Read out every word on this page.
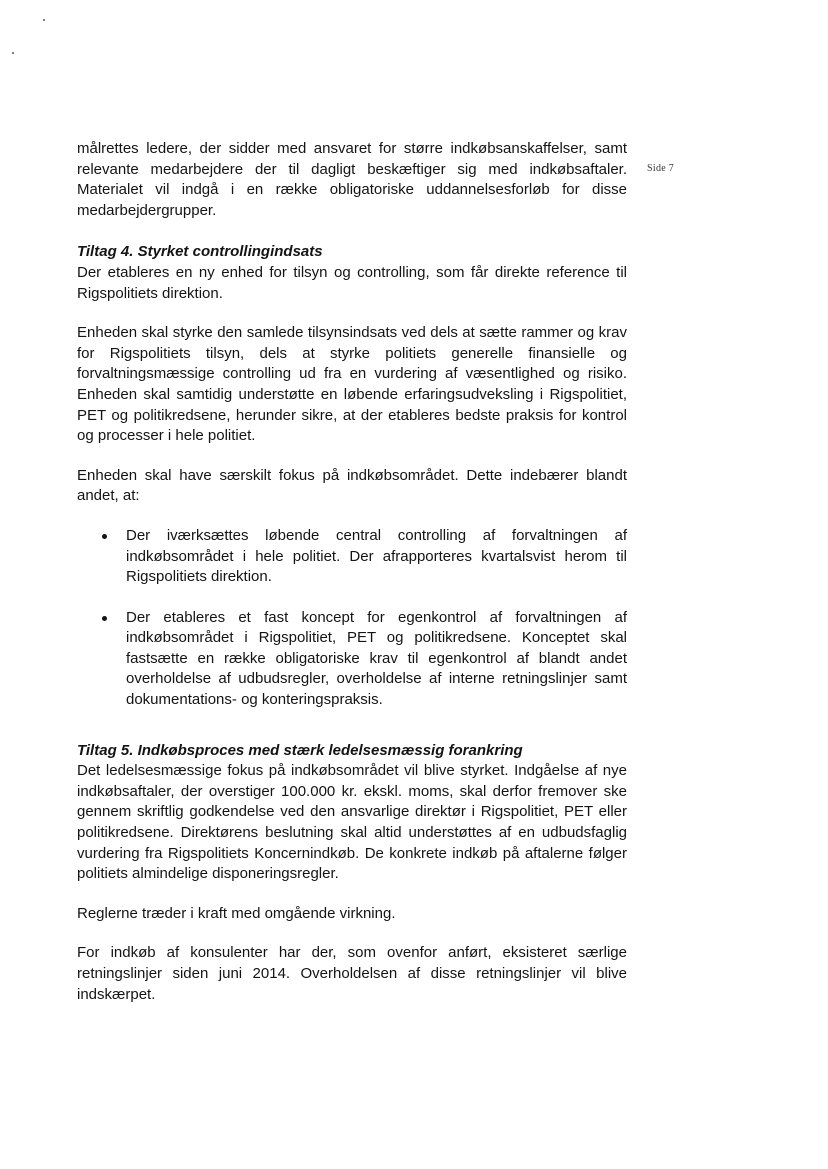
Side 7

målrettes ledere, der sidder med ansvaret for større indkøbsanskaffelser, samt relevante medarbejdere der til dagligt beskæftiger sig med indkøbsaftaler. Materialet vil indgå i en række obligatoriske uddannelsesforløb for disse medarbejdergrupper.

Tiltag 4. Styrket controllingindsats

Der etableres en ny enhed for tilsyn og controlling, som får direkte reference til Rigspolitiets direktion.

Enheden skal styrke den samlede tilsynsindsats ved dels at sætte rammer og krav for Rigspolitiets tilsyn, dels at styrke politiets generelle finansielle og forvaltningsmæssige controlling ud fra en vurdering af væsentlighed og risiko. Enheden skal samtidig understøtte en løbende erfaringsudveksling i Rigspolitiet, PET og politikredsene, herunder sikre, at der etableres bedste praksis for kontrol og processer i hele politiet.

Enheden skal have særskilt fokus på indkøbsområdet. Dette indebærer blandt andet, at:

Der iværksættes løbende central controlling af forvaltningen af indkøbsområdet i hele politiet. Der afrapporteres kvartalsvist herom til Rigspolitiets direktion.
Der etableres et fast koncept for egenkontrol af forvaltningen af indkøbsområdet i Rigspolitiet, PET og politikredsene. Konceptet skal fastsætte en række obligatoriske krav til egenkontrol af blandt andet overholdelse af udbudsregler, overholdelse af interne retningslinjer samt dokumentations- og konteringspraksis.

Tiltag 5. Indkøbsproces med stærk ledelsesmæssig forankring

Det ledelsesmæssige fokus på indkøbsområdet vil blive styrket. Indgåelse af nye indkøbsaftaler, der overstiger 100.000 kr. ekskl. moms, skal derfor fremover ske gennem skriftlig godkendelse ved den ansvarlige direktør i Rigspolitiet, PET eller politikredsene. Direktørens beslutning skal altid understøttes af en udbudsfaglig vurdering fra Rigspolitiets Koncernindkøb. De konkrete indkøb på aftalerne følger politiets almindelige disponeringsregler.

Reglerne træder i kraft med omgående virkning.

For indkøb af konsulenter har der, som ovenfor anført, eksisteret særlige retningslinjer siden juni 2014. Overholdelsen af disse retningslinjer vil blive indskærpet.
